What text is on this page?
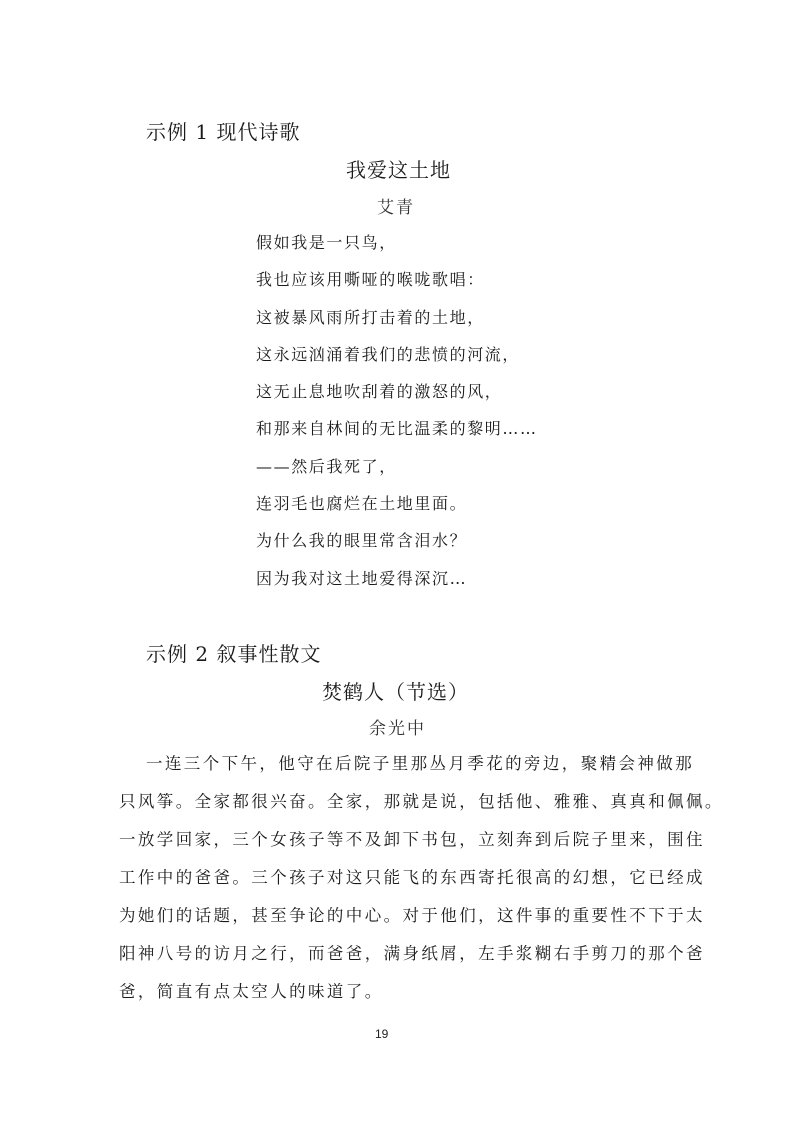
示例 1 现代诗歌
我爱这土地
艾青
假如我是一只鸟，
我也应该用嘶哑的喉咙歌唱：
这被暴风雨所打击着的土地，
这永远汹涌着我们的悲愤的河流，
这无止息地吹刮着的激怒的风，
和那来自林间的无比温柔的黎明……
——然后我死了，
连羽毛也腐烂在土地里面。
为什么我的眼里常含泪水？
因为我对这土地爱得深沉…
示例 2 叙事性散文
焚鹤人（节选）
余光中
一连三个下午，他守在后院子里那丛月季花的旁边，聚精会神做那
只风筝。全家都很兴奋。全家，那就是说，包括他、雅雅、真真和佩佩。
一放学回家，三个女孩子等不及卸下书包，立刻奔到后院子里来，围住
工作中的爸爸。三个孩子对这只能飞的东西寄托很高的幻想，它已经成
为她们的话题，甚至争论的中心。对于他们，这件事的重要性不下于太
阳神八号的访月之行，而爸爸，满身纸屑，左手浆糊右手剪刀的那个爸
爸，简直有点太空人的味道了。
19
